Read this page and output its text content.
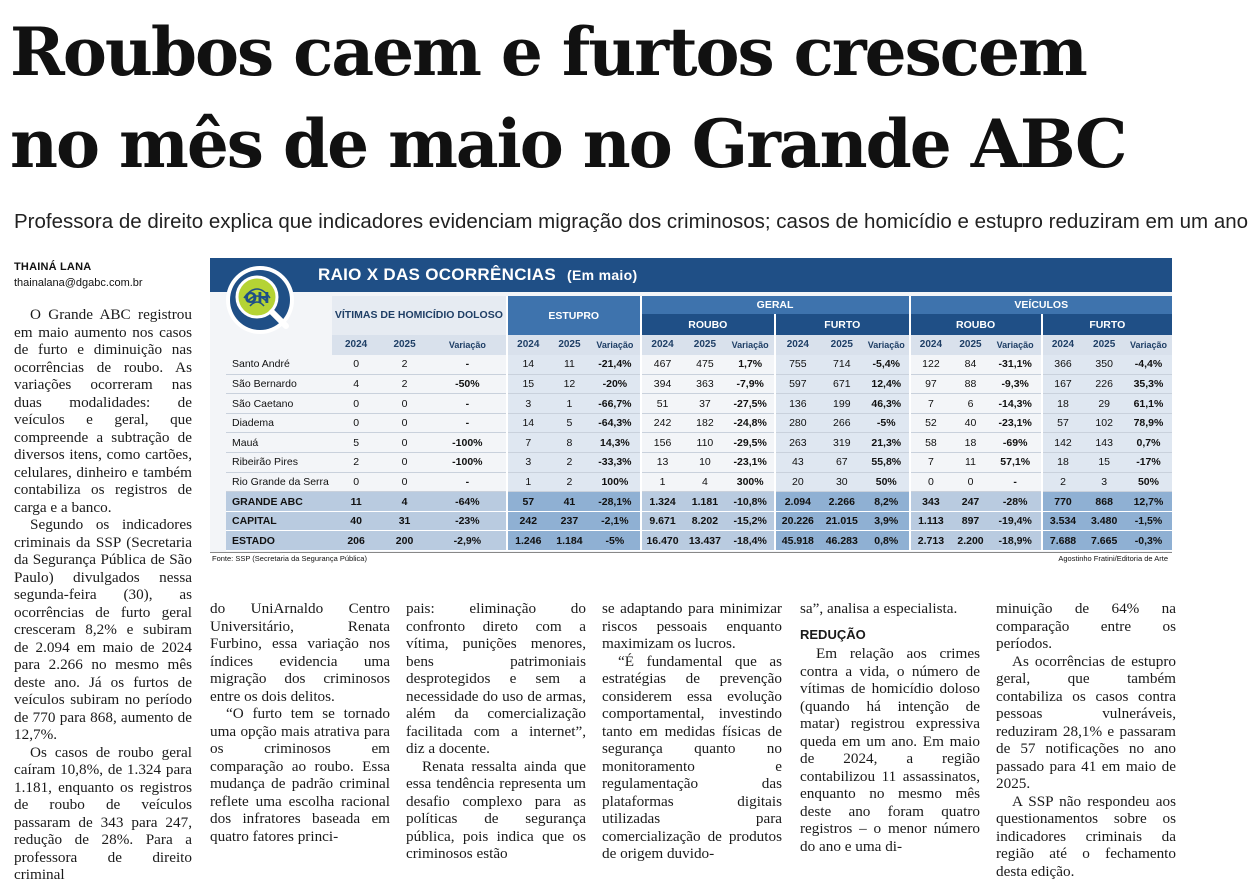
Roubos caem e furtos crescem
no mês de maio no Grande ABC
Professora de direito explica que indicadores evidenciam migração dos criminosos; casos de homicídio e estupro reduziram em um ano
THAINÁ LANA
thainalana@dgabc.com.br

O Grande ABC registrou em maio aumento nos casos de furto e diminuição nas ocorrências de roubo. As variações ocorreram nas duas modalidades: de veículos e geral, que compreende a subtração de diversos itens, como cartões, celulares, dinheiro e também contabiliza os registros de carga e a banco.

Segundo os indicadores criminais da SSP (Secretaria da Segurança Pública de São Paulo) divulgados nessa segunda-feira (30), as ocorrências de furto geral cresceram 8,2% e subiram de 2.094 em maio de 2024 para 2.266 no mesmo mês deste ano. Já os furtos de veículos subiram no período de 770 para 868, aumento de 12,7%.

Os casos de roubo geral caíram 10,8%, de 1.324 para 1.181, enquanto os registros de roubo de veículos passaram de 343 para 247, redução de 28%. Para a professora de direito criminal

do UniArnaldo Centro Universitário, Renata Furbino, essa variação nos índices evidencia uma migração dos criminosos entre os dois delitos.

“O furto tem se tornado uma opção mais atrativa para os criminosos em comparação ao roubo. Essa mudança de padrão criminal reflete uma escolha racional dos infratores baseada em quatro fatores princi-

pais: eliminação do confronto direto com a vítima, punições menores, bens patrimoniais desprotegidos e sem a necessidade do uso de armas, além da comercialização facilitada com a internet”, diz a docente.

Renata ressalta ainda que essa tendência representa um desafio complexo para as políticas de segurança pública, pois indica que os criminosos estão

se adaptando para minimizar riscos pessoais enquanto maximizam os lucros.

“É fundamental que as estratégias de prevenção considerem essa evolução comportamental, investindo tanto em medidas físicas de segurança quanto no monitoramento e regulamentação das plataformas digitais utilizadas para comercialização de produtos de origem duvido-

sa”, analisa a especialista.

REDUÇÃO

Em relação aos crimes contra a vida, o número de vítimas de homicídio doloso (quando há intenção de matar) registrou expressiva queda em um ano. Em maio de 2024, a região contabilizou 11 assassinatos, enquanto no mesmo mês deste ano foram quatro registros – o menor número do ano e uma di-

minuição de 64% na comparação entre os períodos.

As ocorrências de estupro geral, que também contabiliza os casos contra pessoas vulneráveis, reduziram 28,1% e passaram de 57 notificações no ano passado para 41 em maio de 2025.

A SSP não respondeu aos questionamentos sobre os indicadores criminais da região até o fechamento desta edição.

RAIO X DAS OCORRÊNCIAS (Em maio)
	VÍTIMAS DE HOMICÍDIO DOLOSO			ESTUPRO			GERAL						VEÍCULOS					
							ROUBO			FURTO			ROUBO			FURTO		
	2024	2025	Variação	2024	2025	Variação	2024	2025	Variação	2024	2025	Variação	2024	2025	Variação	2024	2025	Variação
Santo André	0	2	-	14	11	-21,4%	467	475	1,7%	755	714	-5,4%	122	84	-31,1%	366	350	-4,4%
São Bernardo	4	2	-50%	15	12	-20%	394	363	-7,9%	597	671	12,4%	97	88	-9,3%	167	226	35,3%
São Caetano	0	0	-	3	1	-66,7%	51	37	-27,5%	136	199	46,3%	7	6	-14,3%	18	29	61,1%
Diadema	0	0	-	14	5	-64,3%	242	182	-24,8%	280	266	-5%	52	40	-23,1%	57	102	78,9%
Mauá	5	0	-100%	7	8	14,3%	156	110	-29,5%	263	319	21,3%	58	18	-69%	142	143	0,7%
Ribeirão Pires	2	0	-100%	3	2	-33,3%	13	10	-23,1%	43	67	55,8%	7	11	57,1%	18	15	-17%
Rio Grande da Serra	0	0	-	1	2	100%	1	4	300%	20	30	50%	0	0	-	2	3	50%
GRANDE ABC	11	4	-64%	57	41	-28,1%	1.324	1.181	-10,8%	2.094	2.266	8,2%	343	247	-28%	770	868	12,7%
CAPITAL	40	31	-23%	242	237	-2,1%	9.671	8.202	-15,2%	20.226	21.015	3,9%	1.113	897	-19,4%	3.534	3.480	-1,5%
ESTADO	206	200	-2,9%	1.246	1.184	-5%	16.470	13.437	-18,4%	45.918	46.283	0,8%	2.713	2.200	-18,9%	7.688	7.665	-0,3%
Fonte: SSP (Secretaria da Segurança Pública)	Agostinho Fratini/Editoria de Arte
OH
